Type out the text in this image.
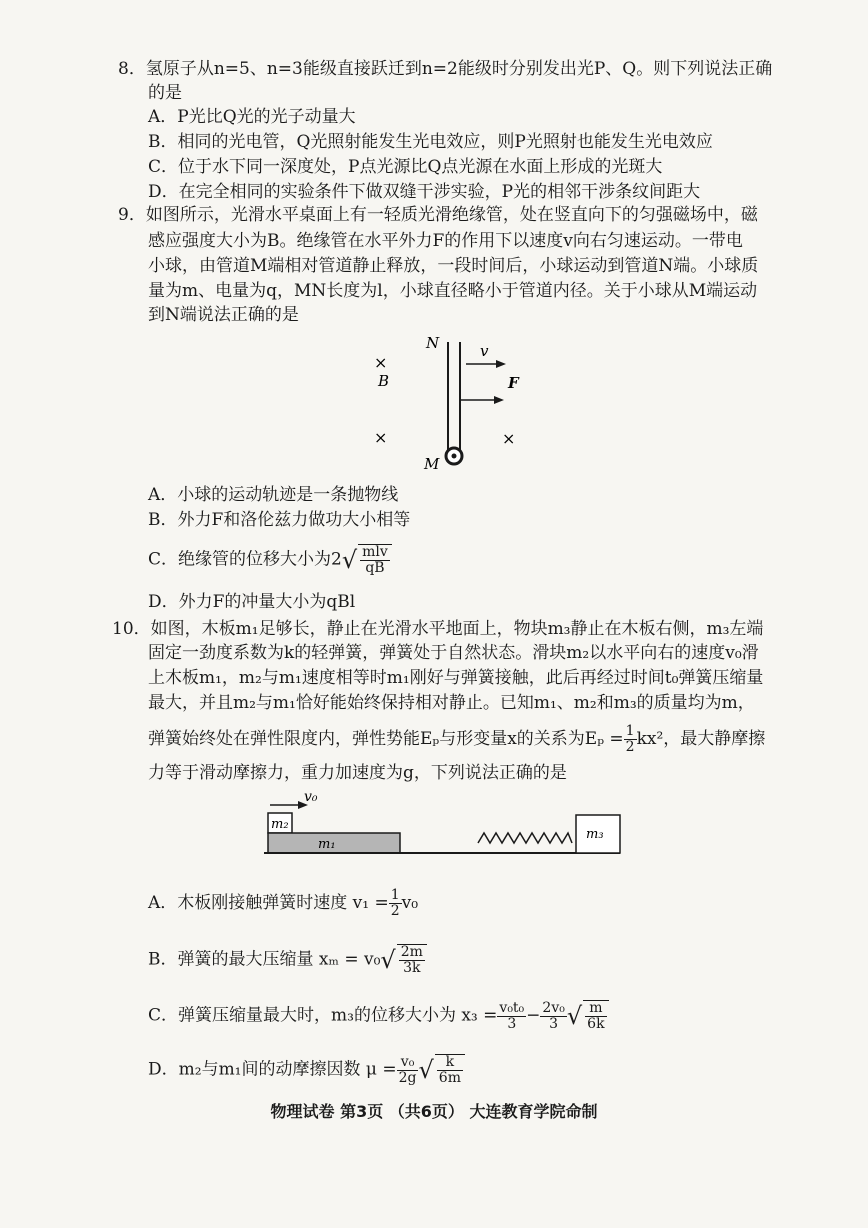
8．氢原子从n=5、n=3能级直接跃迁到n=2能级时分别发出光P、Q。则下列说法正确
的是
A．P光比Q光的光子动量大
B．相同的光电管，Q光照射能发生光电效应，则P光照射也能发生光电效应
C．位于水下同一深度处，P点光源比Q点光源在水面上形成的光斑大
D．在完全相同的实验条件下做双缝干涉实验，P光的相邻干涉条纹间距大
9．如图所示，光滑水平桌面上有一轻质光滑绝缘管，处在竖直向下的匀强磁场中，磁
感应强度大小为B。绝缘管在水平外力F的作用下以速度v向右匀速运动。一带电
小球，由管道M端相对管道静止释放，一段时间后，小球运动到管道N端。小球质
量为m、电量为q，MN长度为l，小球直径略小于管道内径。关于小球从M端运动
到N端说法正确的是
N
M
×
B
×	×
v
F
A．小球的运动轨迹是一条抛物线
B．外力F和洛伦兹力做功大小相等
C．绝缘管的位移大小为$2√ \frac{\text{mlv}}{qB}$
D．外力F的冲量大小为qBl
10．如图，木板m₁足够长，静止在光滑水平地面上，物块m₃静止在木板右侧，m₃左端
固定一劲度系数为k的轻弹簧，弹簧处于自然状态。滑块m₂以水平向右的速度v₀滑
上木板m₁，m₂与m₁速度相等时m₁刚好与弹簧接触，此后再经过时间t₀弹簧压缩量
最大，并且m₂与m₁恰好能始终保持相对静止。已知m₁、m₂和m₃的质量均为m，
弹簧始终处在弹性限度内，弹性势能Eₚ与形变量x的关系为$E_p = \frac{1}{2} kx^2$，最大静摩擦
力等于滑动摩擦力，重力加速度为g，下列说法正确的是
v₀
m₂
m₁
m₃
A．木板刚接触弹簧时速度 $v_1 = \frac{1}{2} v_0$
B．弹簧的最大压缩量 $x_m = v_0√ \frac{2m}{3k}$
C．弹簧压缩量最大时，m₃的位移大小为 $x_3 = \frac{\text{v₀t₀}}{3} - \frac{\text{2v₀}}{3}$ √ $\frac{m}{6k}$
D．m₂与m₁间的动摩擦因数 $\mu = \frac{\text{v₀}}{2g}$ √ $\frac{k}{6m}$
物理试卷 第3页 （共6页） 大连教育学院命制
